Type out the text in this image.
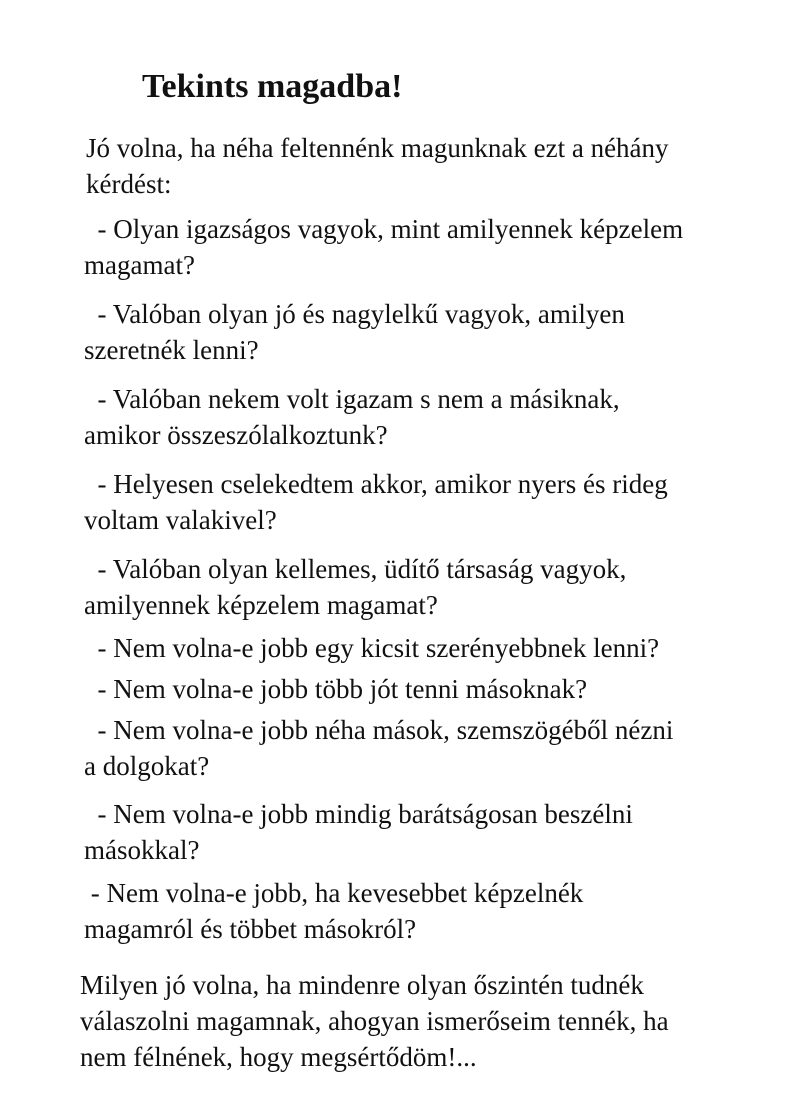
Tekints magadba!

Jó volna, ha néha feltennénk magunknak ezt a néhány
kérdést:

- Olyan igazságos vagyok, mint amilyennek képzelem
magamat?

- Valóban olyan jó és nagylelkű vagyok, amilyen
szeretnék lenni?

- Valóban nekem volt igazam s nem a másiknak,
amikor összeszólalkoztunk?

- Helyesen cselekedtem akkor, amikor nyers és rideg
voltam valakivel?

- Valóban olyan kellemes, üdítő társaság vagyok,
amilyennek képzelem magamat?

- Nem volna-e jobb egy kicsit szerényebbnek lenni?

- Nem volna-e jobb több jót tenni másoknak?

- Nem volna-e jobb néha mások, szemszögéből nézni
a dolgokat?

- Nem volna-e jobb mindig barátságosan beszélni
másokkal?

- Nem volna-e jobb, ha kevesebbet képzelnék
magamról és többet másokról?

Milyen jó volna, ha mindenre olyan őszintén tudnék
válaszolni magamnak, ahogyan ismerőseim tennék, ha
nem félnének, hogy megsértődöm!...
